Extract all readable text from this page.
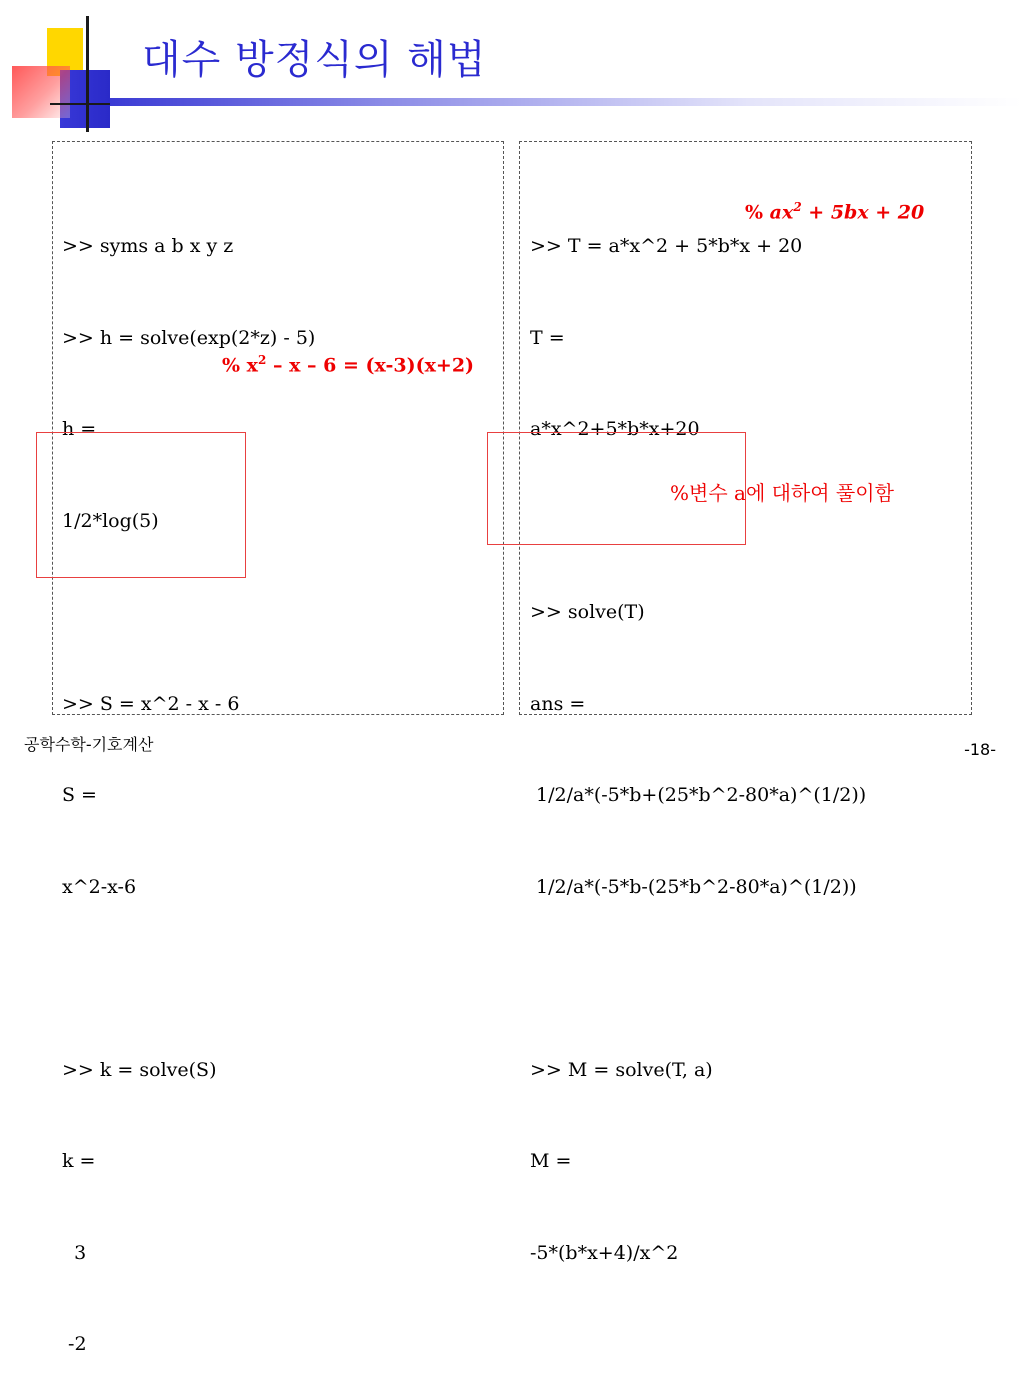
대수 방정식의 해법

>> syms a b x y z

>> h = solve(exp(2*z) - 5)

h =

1/2*log(5)

>> S = x^2 - x - 6

S =

x^2-x-6

>> k = solve(S)

k =

3

-2

% $x^2 - x - 6 = (x-3)(x+2)$

>> T = a*x^2 + 5*b*x + 20

T =

a*x^2+5*b*x+20

>> solve(T)

ans =

1/2/a*(-5*b+(25*b^2-80*a)^(1/2))

1/2/a*(-5*b-(25*b^2-80*a)^(1/2))

>> M = solve(T, a)

M =

-5*(b*x+4)/x^2

% $ax^2 + 5bx + 20$
%변수 a에 대하여 풀이함
공학수학-기호계산	-18-
